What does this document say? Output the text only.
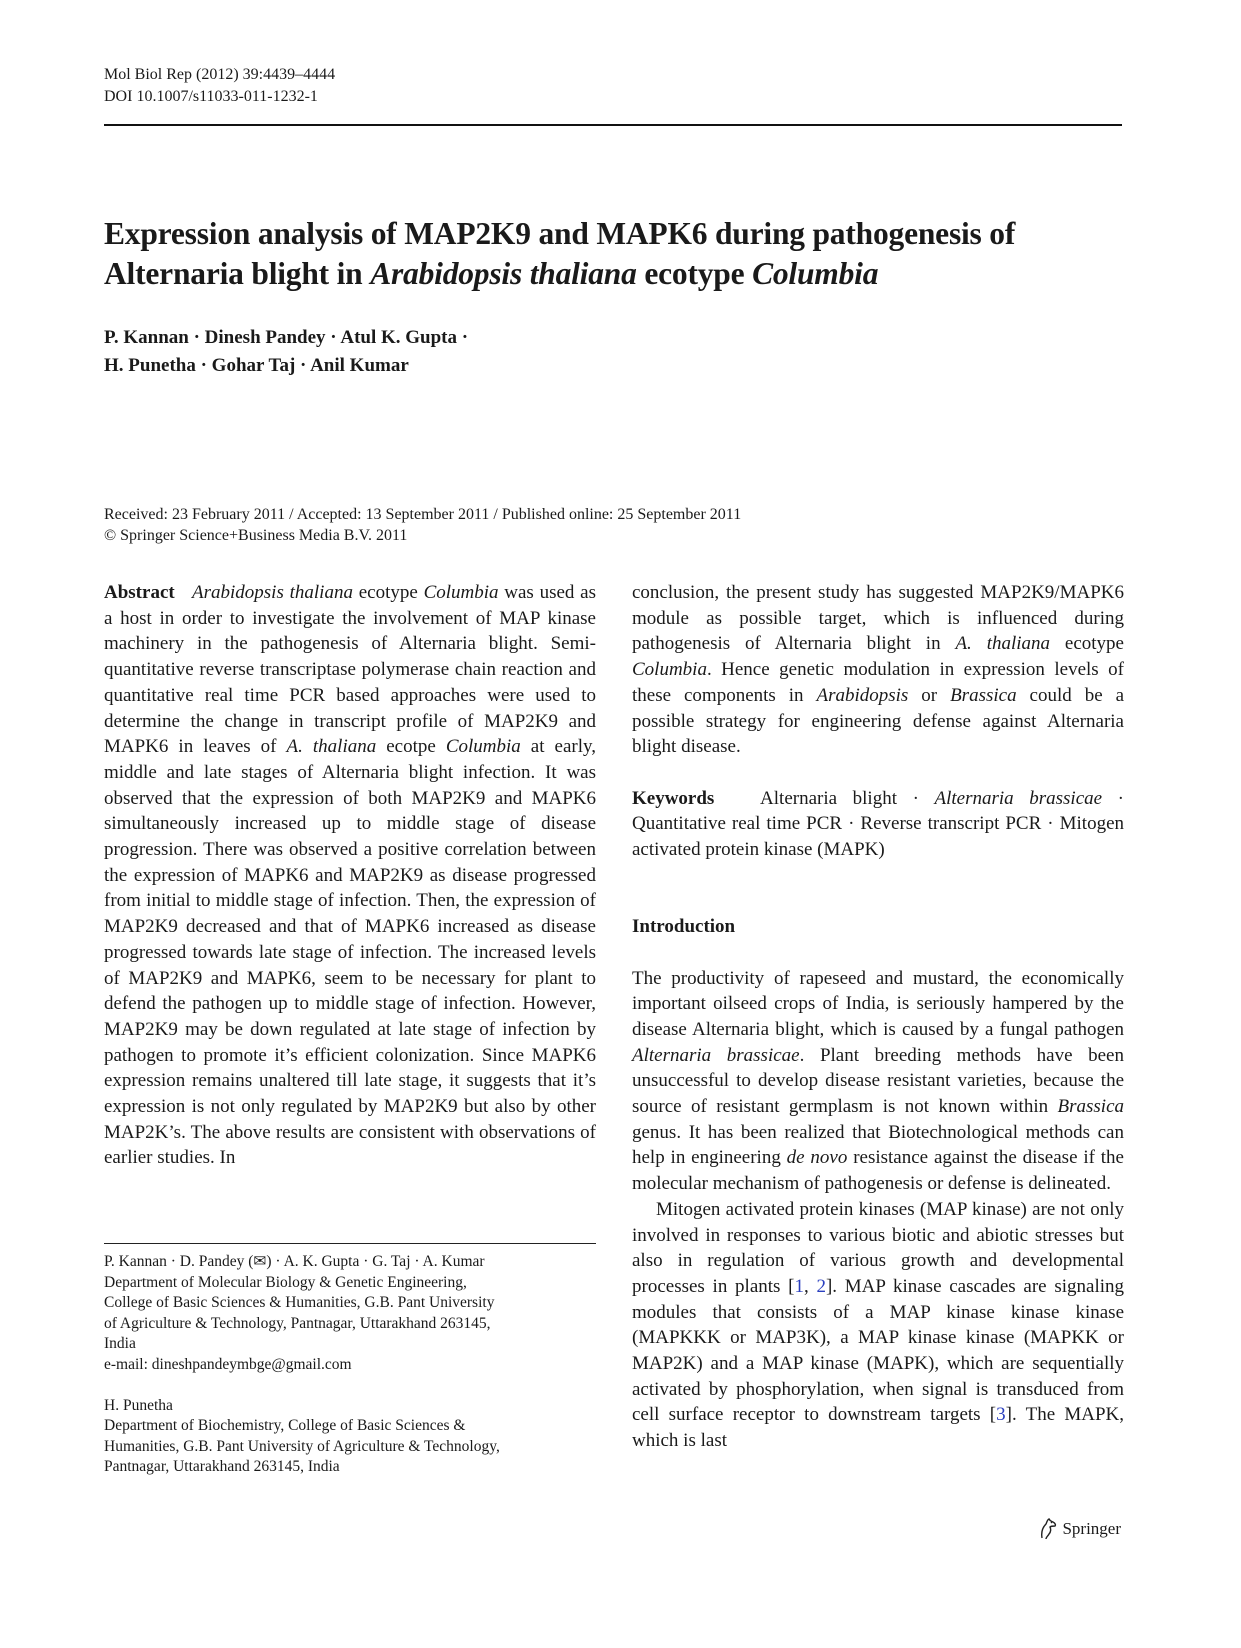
Mol Biol Rep (2012) 39:4439–4444
DOI 10.1007/s11033-011-1232-1
Expression analysis of MAP2K9 and MAPK6 during pathogenesis of Alternaria blight in Arabidopsis thaliana ecotype Columbia
P. Kannan · Dinesh Pandey · Atul K. Gupta ·
H. Punetha · Gohar Taj · Anil Kumar
Received: 23 February 2011 / Accepted: 13 September 2011 / Published online: 25 September 2011
© Springer Science+Business Media B.V. 2011

Abstract Arabidopsis thaliana ecotype Columbia was used as a host in order to investigate the involvement of MAP kinase machinery in the pathogenesis of Alternaria blight. Semi-quantitative reverse transcriptase polymerase chain reaction and quantitative real time PCR based approaches were used to determine the change in transcript profile of MAP2K9 and MAPK6 in leaves of A. thaliana ecotpe Columbia at early, middle and late stages of Alternaria blight infection. It was observed that the expression of both MAP2K9 and MAPK6 simultaneously increased up to middle stage of disease progression. There was observed a positive correlation between the expression of MAPK6 and MAP2K9 as disease progressed from initial to middle stage of infection. Then, the expression of MAP2K9 decreased and that of MAPK6 increased as disease progressed towards late stage of infection. The increased levels of MAP2K9 and MAPK6, seem to be necessary for plant to defend the pathogen up to middle stage of infection. However, MAP2K9 may be down regulated at late stage of infection by pathogen to promote it’s efficient colonization. Since MAPK6 expression remains unaltered till late stage, it suggests that it’s expression is not only regulated by MAP2K9 but also by other MAP2K’s. The above results are consistent with observations of earlier studies. In

P. Kannan · D. Pandey (✉) · A. K. Gupta · G. Taj · A. Kumar

Department of Molecular Biology & Genetic Engineering,

College of Basic Sciences & Humanities, G.B. Pant University

of Agriculture & Technology, Pantnagar, Uttarakhand 263145,

India

e-mail: dineshpandeymbge@gmail.com

H. Punetha

Department of Biochemistry, College of Basic Sciences &

Humanities, G.B. Pant University of Agriculture & Technology,

Pantnagar, Uttarakhand 263145, India

conclusion, the present study has suggested MAP2K9/MAPK6 module as possible target, which is influenced during pathogenesis of Alternaria blight in A. thaliana ecotype Columbia. Hence genetic modulation in expression levels of these components in Arabidopsis or Brassica could be a possible strategy for engineering defense against Alternaria blight disease.

Keywords Alternaria blight · Alternaria brassicae · Quantitative real time PCR · Reverse transcript PCR · Mitogen activated protein kinase (MAPK)

Introduction

The productivity of rapeseed and mustard, the economically important oilseed crops of India, is seriously hampered by the disease Alternaria blight, which is caused by a fungal pathogen Alternaria brassicae. Plant breeding methods have been unsuccessful to develop disease resistant varieties, because the source of resistant germplasm is not known within Brassica genus. It has been realized that Biotechnological methods can help in engineering de novo resistance against the disease if the molecular mechanism of pathogenesis or defense is delineated.

Mitogen activated protein kinases (MAP kinase) are not only involved in responses to various biotic and abiotic stresses but also in regulation of various growth and developmental processes in plants [1, 2]. MAP kinase cascades are signaling modules that consists of a MAP kinase kinase kinase (MAPKKK or MAP3K), a MAP kinase kinase (MAPKK or MAP2K) and a MAP kinase (MAPK), which are sequentially activated by phosphorylation, when signal is transduced from cell surface receptor to downstream targets [3]. The MAPK, which is last

Springer
